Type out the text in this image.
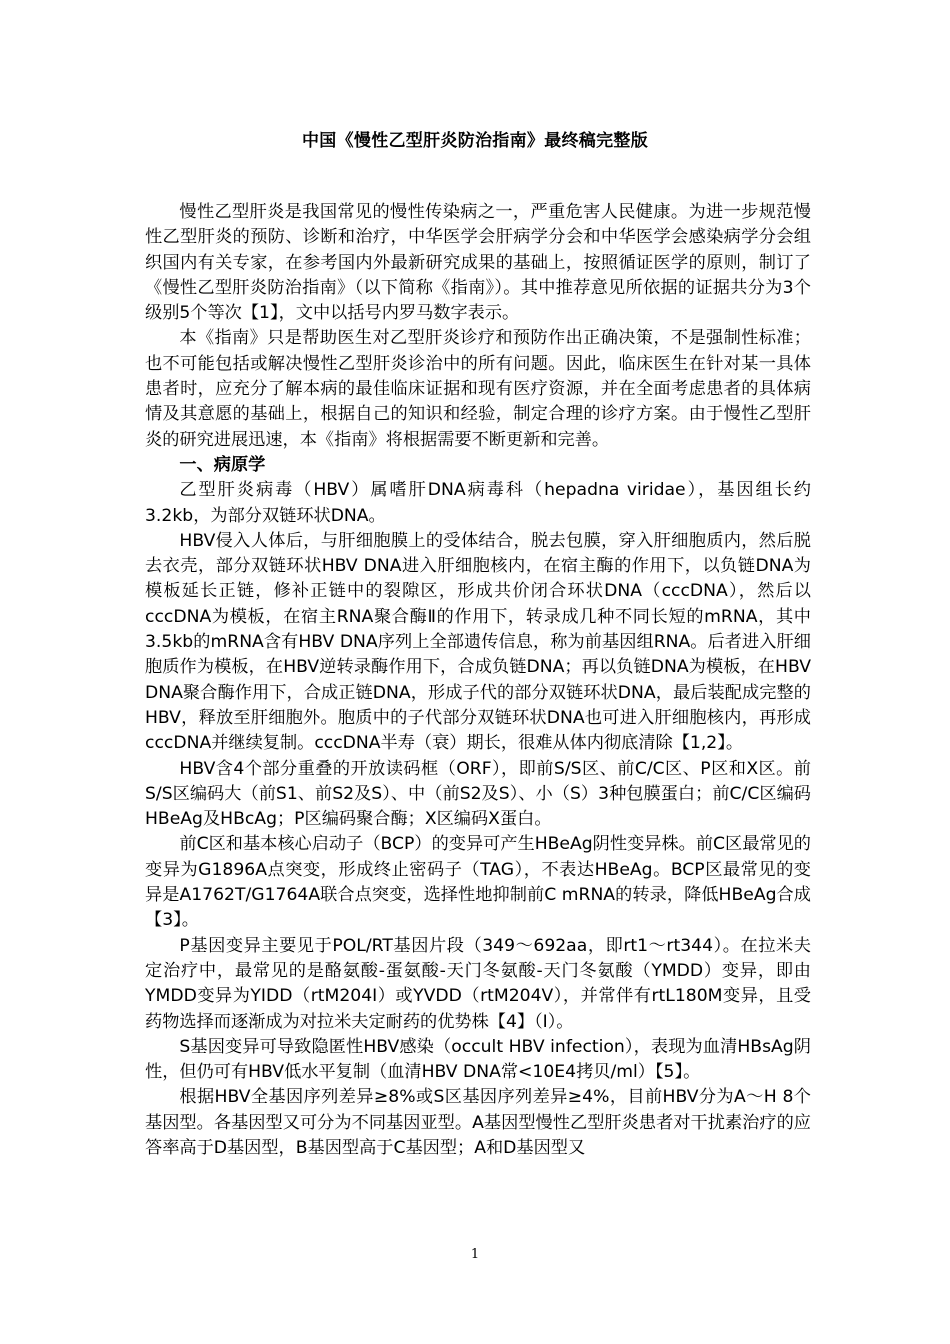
中国《慢性乙型肝炎防治指南》最终稿完整版

慢性乙型肝炎是我国常见的慢性传染病之一，严重危害人民健康。为进一步规范慢性乙型肝炎的预防、诊断和治疗，中华医学会肝病学分会和中华医学会感染病学分会组织国内有关专家，在参考国内外最新研究成果的基础上，按照循证医学的原则，制订了《慢性乙型肝炎防治指南》（以下简称《指南》）。其中推荐意见所依据的证据共分为3个级别5个等次【1】，文中以括号内罗马数字表示。

本《指南》只是帮助医生对乙型肝炎诊疗和预防作出正确决策，不是强制性标准；也不可能包括或解决慢性乙型肝炎诊治中的所有问题。因此，临床医生在针对某一具体患者时，应充分了解本病的最佳临床证据和现有医疗资源，并在全面考虑患者的具体病情及其意愿的基础上，根据自己的知识和经验，制定合理的诊疗方案。由于慢性乙型肝炎的研究进展迅速，本《指南》将根据需要不断更新和完善。

一、病原学

乙型肝炎病毒（HBV）属嗜肝DNA病毒科（hepadna viridae），基因组长约3.2kb，为部分双链环状DNA。

HBV侵入人体后，与肝细胞膜上的受体结合，脱去包膜，穿入肝细胞质内，然后脱去衣壳，部分双链环状HBV DNA进入肝细胞核内，在宿主酶的作用下，以负链DNA为模板延长正链，修补正链中的裂隙区，形成共价闭合环状DNA（cccDNA），然后以cccDNA为模板，在宿主RNA聚合酶Ⅱ的作用下，转录成几种不同长短的mRNA，其中3.5kb的mRNA含有HBV DNA序列上全部遗传信息，称为前基因组RNA。后者进入肝细胞质作为模板，在HBV逆转录酶作用下，合成负链DNA；再以负链DNA为模板，在HBV DNA聚合酶作用下，合成正链DNA，形成子代的部分双链环状DNA，最后装配成完整的HBV，释放至肝细胞外。胞质中的子代部分双链环状DNA也可进入肝细胞核内，再形成cccDNA并继续复制。cccDNA半寿（衰）期长，很难从体内彻底清除【1,2】。

HBV含4个部分重叠的开放读码框（ORF），即前S/S区、前C/C区、P区和X区。前S/S区编码大（前S1、前S2及S）、中（前S2及S）、小（S）3种包膜蛋白；前C/C区编码HBeAg及HBcAg；P区编码聚合酶；X区编码X蛋白。

前C区和基本核心启动子（BCP）的变异可产生HBeAg阴性变异株。前C区最常见的变异为G1896A点突变，形成终止密码子（TAG），不表达HBeAg。BCP区最常见的变异是A1762T/G1764A联合点突变，选择性地抑制前C mRNA的转录，降低HBeAg合成【3】。

P基因变异主要见于POL/RT基因片段（349～692aa，即rt1～rt344）。在拉米夫定治疗中，最常见的是酪氨酸-蛋氨酸-天门冬氨酸-天门冬氨酸（YMDD）变异，即由YMDD变异为YIDD（rtM204I）或YVDD（rtM204V），并常伴有rtL180M变异，且受药物选择而逐渐成为对拉米夫定耐药的优势株【4】（Ⅰ）。

S基因变异可导致隐匿性HBV感染（occult HBV infection），表现为血清HBsAg阴性，但仍可有HBV低水平复制（血清HBV DNA常<10E4拷贝/ml）【5】。

根据HBV全基因序列差异≥8%或S区基因序列差异≥4%，目前HBV分为A～H 8个基因型。各基因型又可分为不同基因亚型。A基因型慢性乙型肝炎患者对干扰素治疗的应答率高于D基因型，B基因型高于C基因型；A和D基因型又

1
